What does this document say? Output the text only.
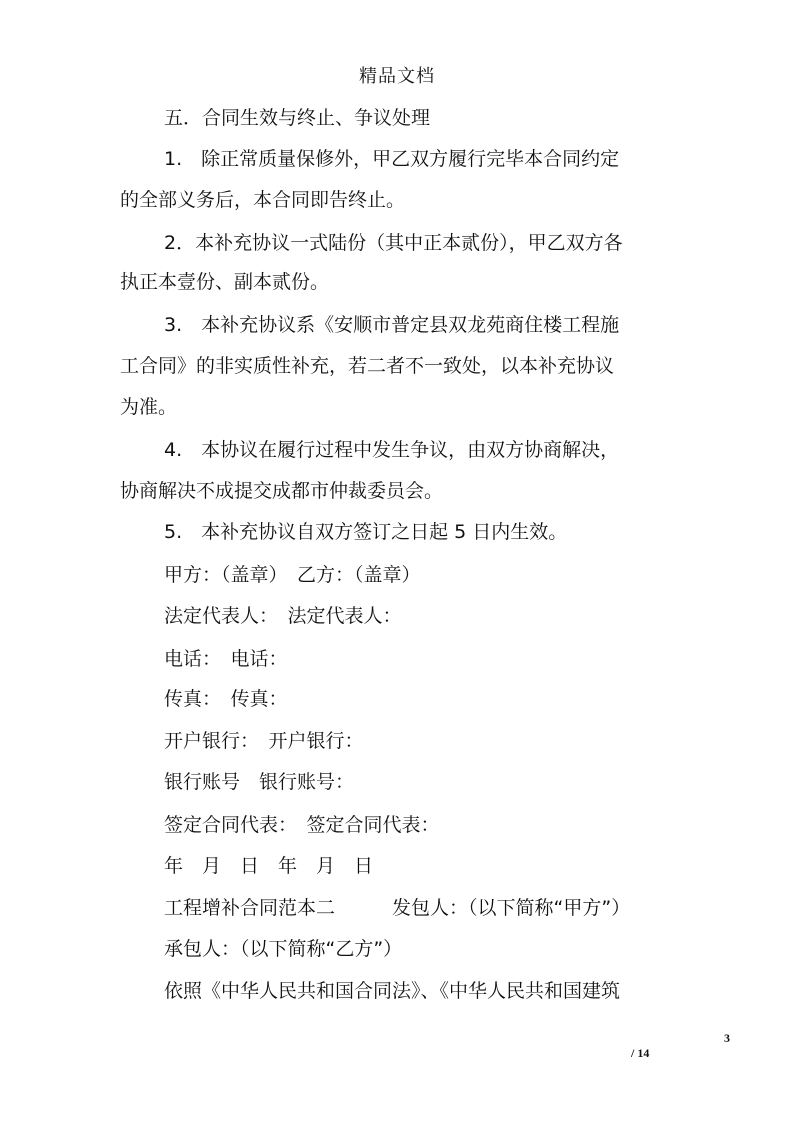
精品文档
五．合同生效与终止、争议处理
1.　除正常质量保修外，甲乙双方履行完毕本合同约定
的全部义务后，本合同即告终止。
2．本补充协议一式陆份（其中正本贰份），甲乙双方各
执正本壹份、副本贰份。
3.　本补充协议系《安顺市普定县双龙苑商住楼工程施
工合同》的非实质性补充，若二者不一致处，以本补充协议
为准。
4.　本协议在履行过程中发生争议，由双方协商解决，
协商解决不成提交成都市仲裁委员会。
5.　本补充协议自双方签订之日起 5 日内生效。
甲方：（盖章）　乙方：（盖章）
法定代表人：　法定代表人：
电话：　电话：
传真：　传真：
开户银行：　开户银行：
银行账号　银行账号：
签定合同代表：　签定合同代表：
年　月　日　年　月　日
工程增补合同范本二　　　发包人：（以下简称“甲方”）
承包人：（以下简称“乙方”）
依照《中华人民共和国合同法》、《中华人民共和国建筑
3
/ 14
